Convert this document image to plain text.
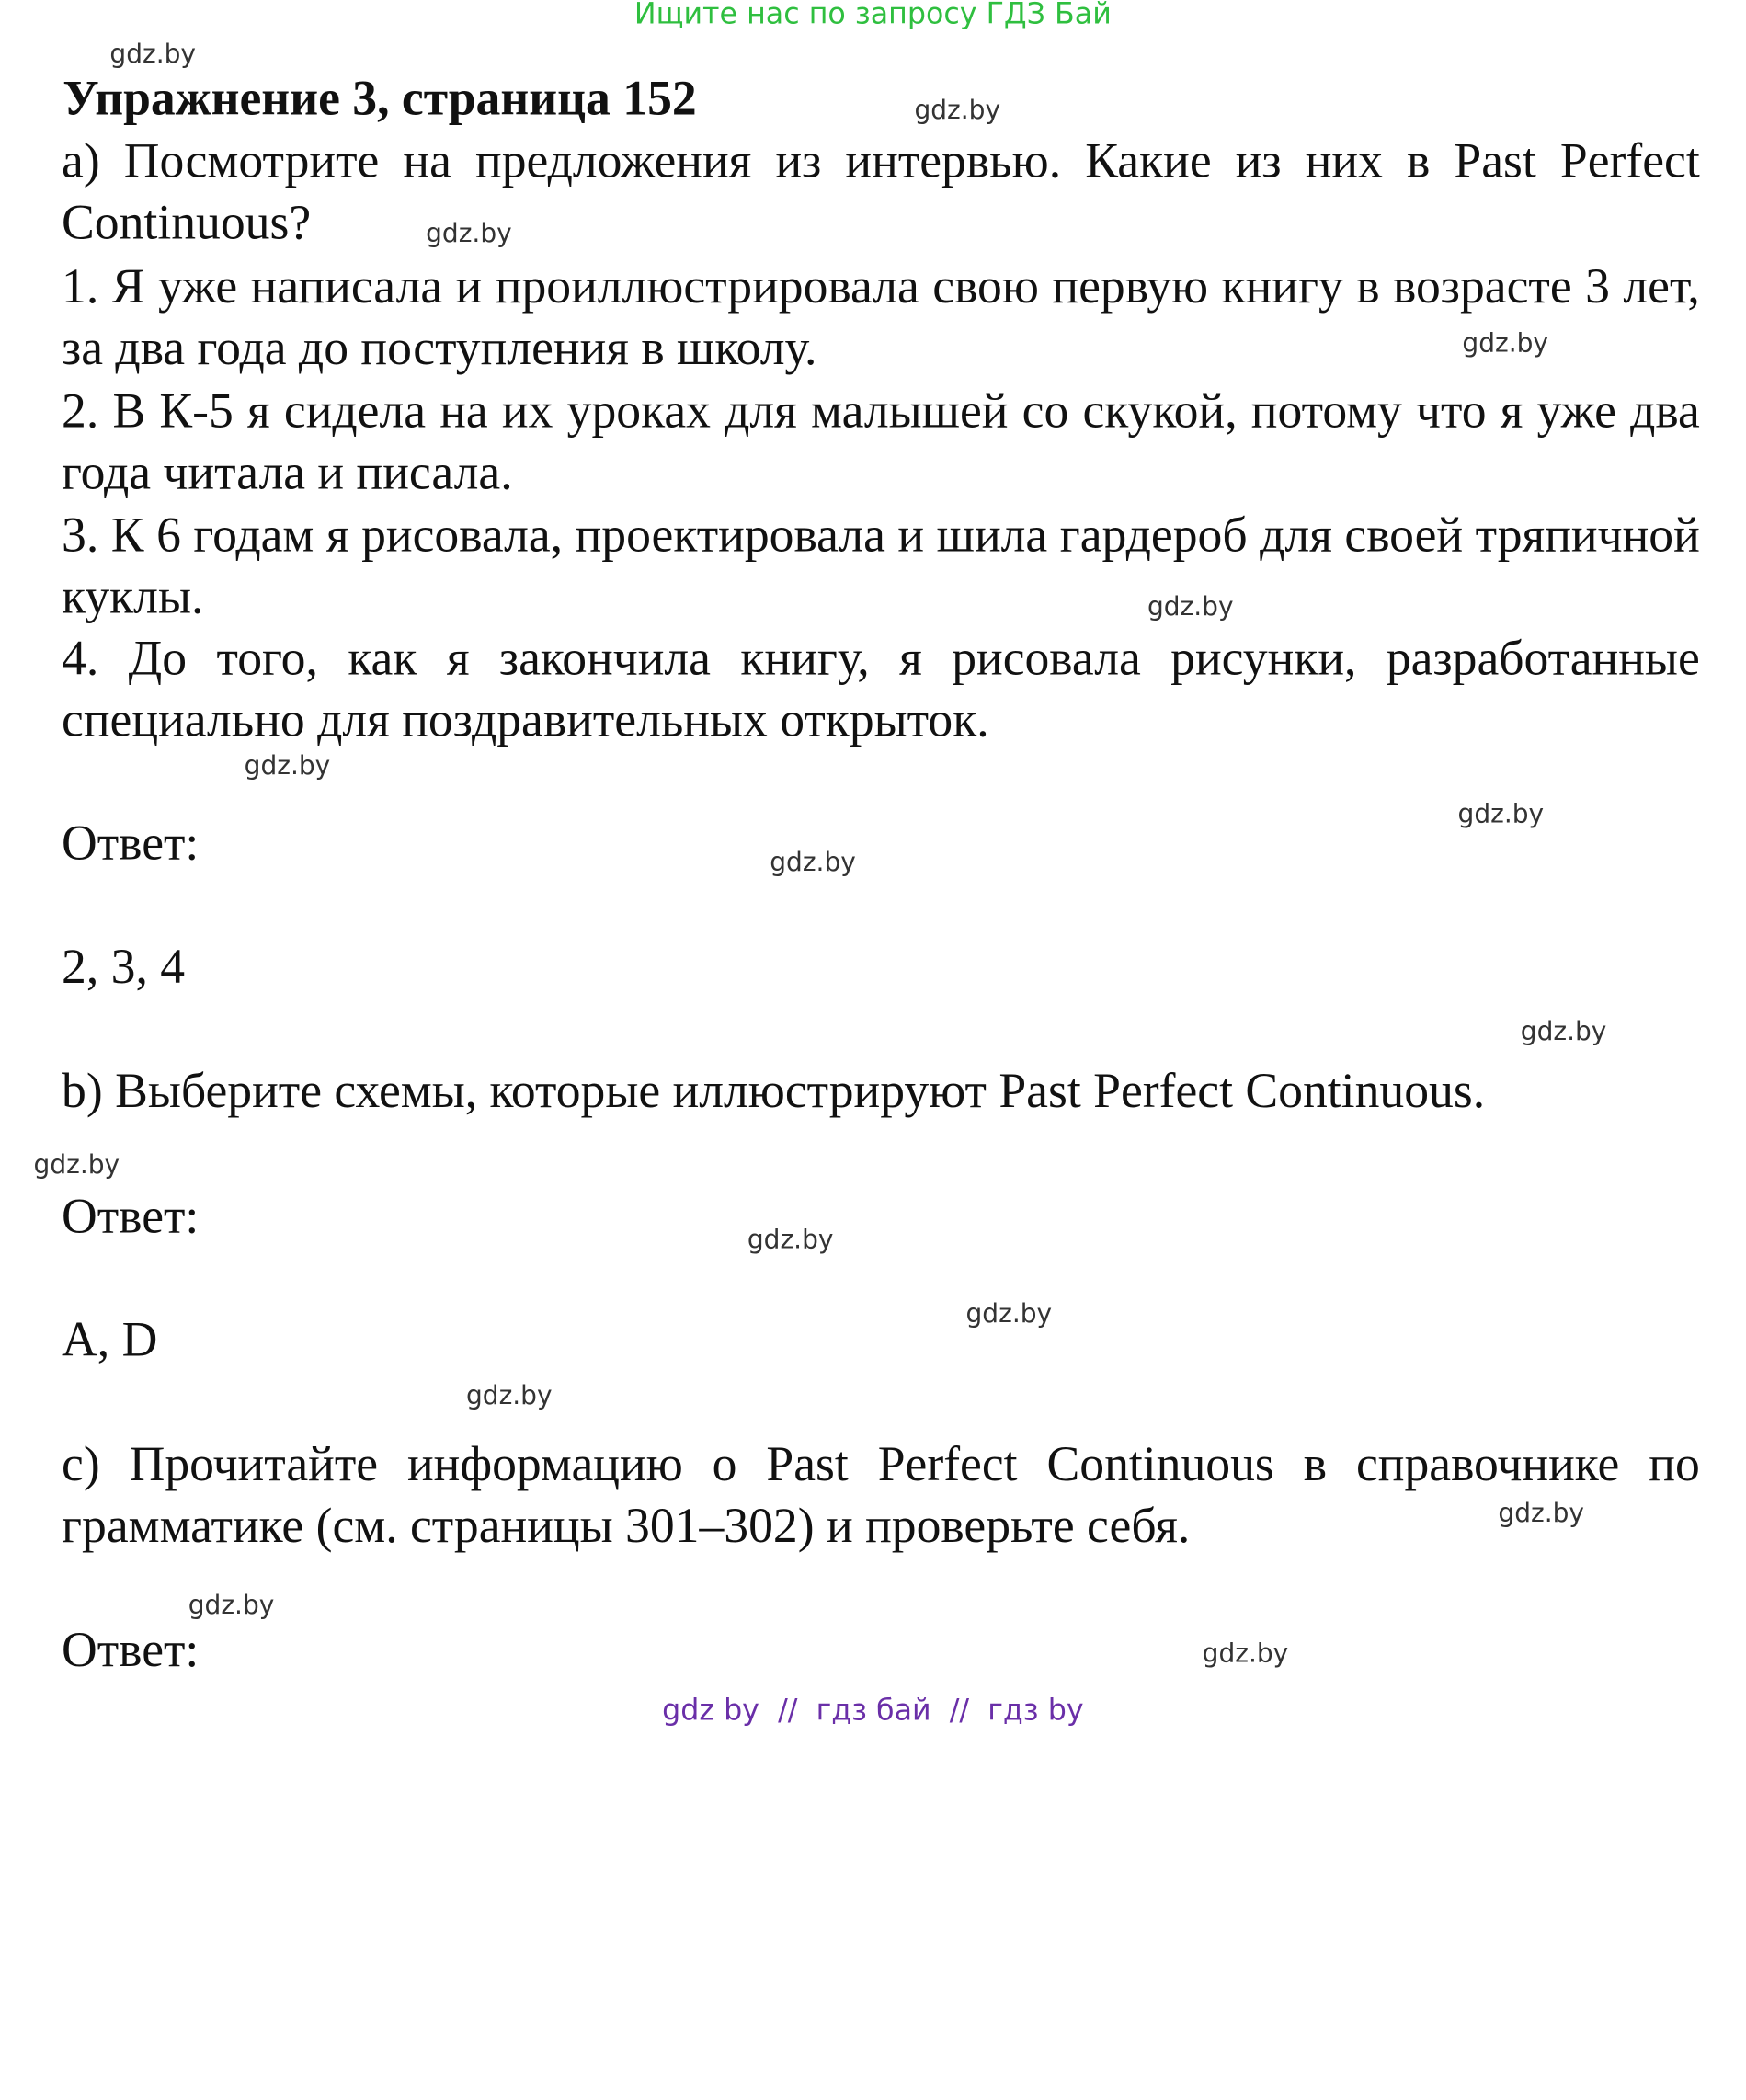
Ищите нас по запросу ГДЗ Бай
Упражнение 3, страница 152
a) Посмотрите на предложения из интервью. Какие из них в Past Perfect Continuous?
1. Я уже написала и проиллюстрировала свою первую книгу в возрасте 3 лет, за два года до поступления в школу.
2. В К-5 я сидела на их уроках для малышей со скукой, потому что я уже два года читала и писала.
3. К 6 годам я рисовала, проектировала и шила гардероб для своей тряпичной куклы.
4. До того, как я закончила книгу, я рисовала рисунки, разработанные специально для поздравительных открыток.
Ответ:
2, 3, 4
b) Выберите схемы, которые иллюстрируют Past Perfect Continuous.
Ответ:
A, D
c) Прочитайте информацию о Past Perfect Continuous в справочнике по грамматике (см. страницы 301–302) и проверьте себя.
Ответ:
gdz.by
gdz.by
gdz.by
gdz.by
gdz.by
gdz.by
gdz.by
gdz.by
gdz.by
gdz.by
gdz.by
gdz.by
gdz.by
gdz.by
gdz.by
gdz.by
gdz by  //  гдз бай  //  гдз by
